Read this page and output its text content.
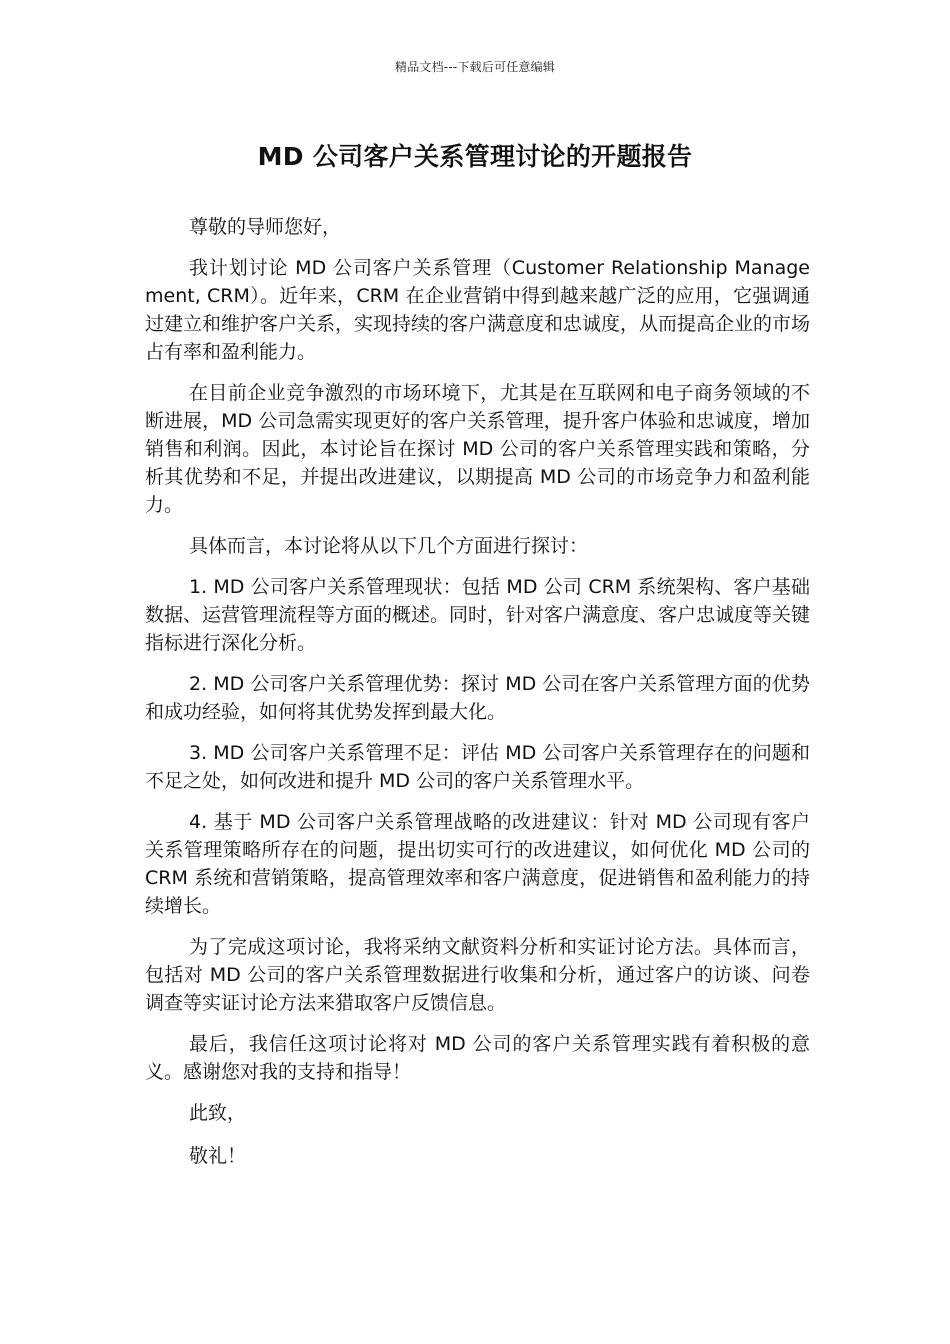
精品文档---下载后可任意编辑
MD 公司客户关系管理讨论的开题报告

尊敬的导师您好，

我计划讨论 MD 公司客户关系管理（Customer Relationship Management, CRM）。近年来，CRM 在企业营销中得到越来越广泛的应用，它强调通过建立和维护客户关系，实现持续的客户满意度和忠诚度，从而提高企业的市场占有率和盈利能力。

在目前企业竞争激烈的市场环境下，尤其是在互联网和电子商务领域的不断进展，MD 公司急需实现更好的客户关系管理，提升客户体验和忠诚度，增加销售和利润。因此，本讨论旨在探讨 MD 公司的客户关系管理实践和策略，分析其优势和不足，并提出改进建议，以期提高 MD 公司的市场竞争力和盈利能力。

具体而言，本讨论将从以下几个方面进行探讨：

1. MD 公司客户关系管理现状：包括 MD 公司 CRM 系统架构、客户基础数据、运营管理流程等方面的概述。同时，针对客户满意度、客户忠诚度等关键指标进行深化分析。

2. MD 公司客户关系管理优势：探讨 MD 公司在客户关系管理方面的优势和成功经验，如何将其优势发挥到最大化。

3. MD 公司客户关系管理不足：评估 MD 公司客户关系管理存在的问题和不足之处，如何改进和提升 MD 公司的客户关系管理水平。

4. 基于 MD 公司客户关系管理战略的改进建议：针对 MD 公司现有客户关系管理策略所存在的问题，提出切实可行的改进建议，如何优化 MD 公司的 CRM 系统和营销策略，提高管理效率和客户满意度，促进销售和盈利能力的持续增长。

为了完成这项讨论，我将采纳文献资料分析和实证讨论方法。具体而言，包括对 MD 公司的客户关系管理数据进行收集和分析，通过客户的访谈、问卷调查等实证讨论方法来猎取客户反馈信息。

最后，我信任这项讨论将对 MD 公司的客户关系管理实践有着积极的意义。感谢您对我的支持和指导！

此致，

敬礼！
